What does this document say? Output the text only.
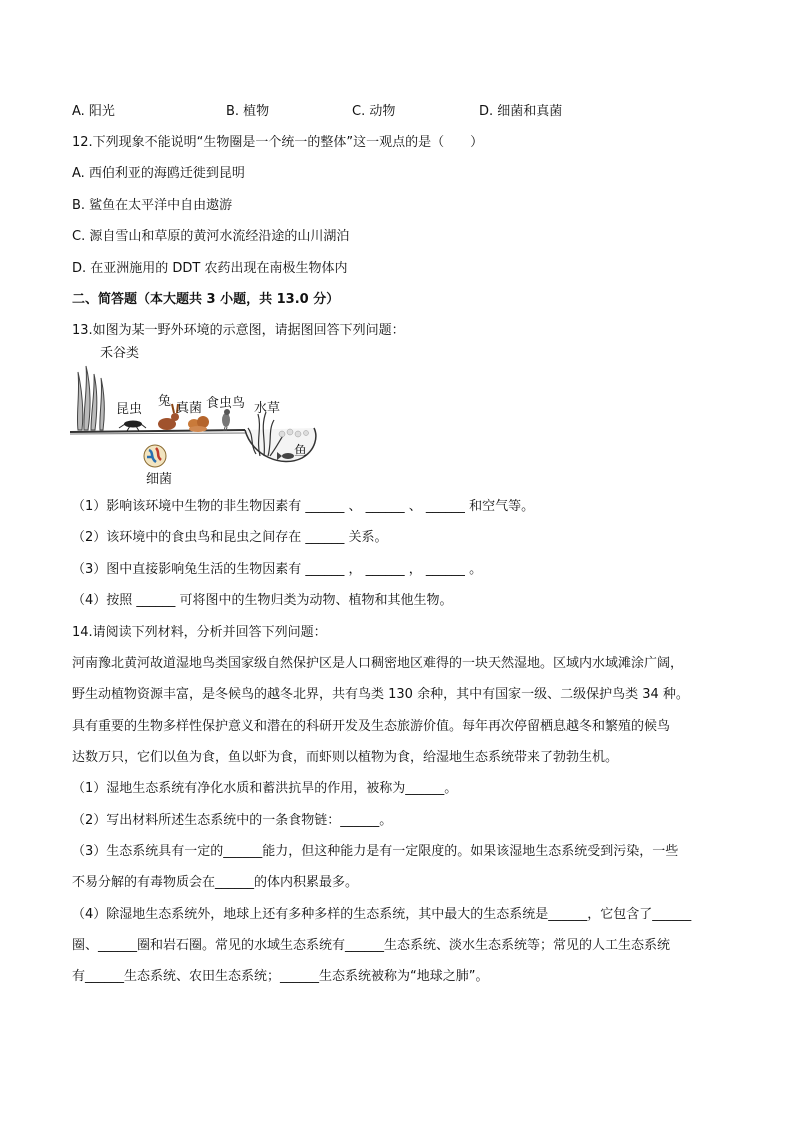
A. 阳光	B. 植物	C. 动物	D. 细菌和真菌
12.下列现象不能说明“生物圈是一个统一的整体”这一观点的是（　　）
A. 西伯利亚的海鸥迁徙到昆明
B. 鲨鱼在太平洋中自由遨游
C. 源自雪山和草原的黄河水流经沿途的山川湖泊
D. 在亚洲施用的 DDT 农药出现在南极生物体内
二、简答题（本大题共 3 小题，共 13.0 分）
13.如图为某一野外环境的示意图，请据图回答下列问题：
禾谷类
昆虫
兔 真菌 食虫鸟 水草
鱼
细菌
（1）影响该环境中生物的非生物因素有 ______ 、 ______ 、 ______ 和空气等。
（2）该环境中的食虫鸟和昆虫之间存在 ______ 关系。
（3）图中直接影响兔生活的生物因素有 ______ ， ______ ， ______ 。
（4）按照 ______ 可将图中的生物归类为动物、植物和其他生物。
14.请阅读下列材料，分析并回答下列问题：
河南豫北黄河故道湿地鸟类国家级自然保护区是人口稠密地区难得的一块天然湿地。区域内水域滩涂广阔，
野生动植物资源丰富，是冬候鸟的越冬北界，共有鸟类 130 余种，其中有国家一级、二级保护鸟类 34 种。
具有重要的生物多样性保护意义和潜在的科研开发及生态旅游价值。每年再次停留栖息越冬和繁殖的候鸟
达数万只，它们以鱼为食，鱼以虾为食，而虾则以植物为食，给湿地生态系统带来了勃勃生机。
（1）湿地生态系统有净化水质和蓄洪抗旱的作用，被称为______。
（2）写出材料所述生态系统中的一条食物链：______。
（3）生态系统具有一定的______能力，但这种能力是有一定限度的。如果该湿地生态系统受到污染，一些
不易分解的有毒物质会在______的体内积累最多。
（4）除湿地生态系统外，地球上还有多种多样的生态系统，其中最大的生态系统是______，它包含了______
圈、______圈和岩石圈。常见的水域生态系统有______生态系统、淡水生态系统等；常见的人工生态系统
有______生态系统、农田生态系统；______生态系统被称为“地球之肺”。
